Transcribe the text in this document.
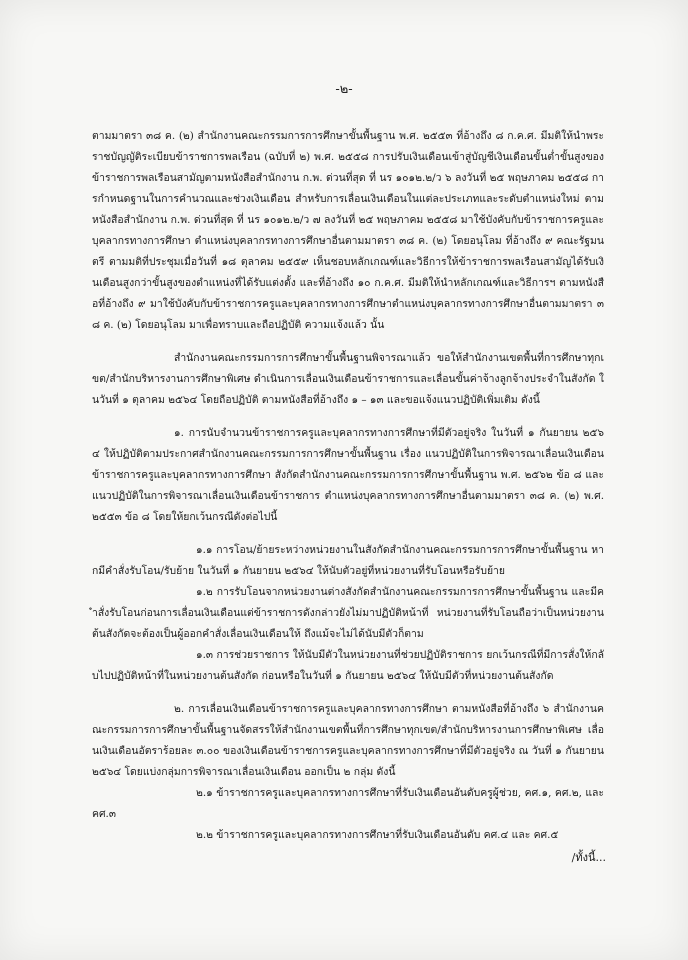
-๒-

ตามมาตรา ๓๘ ค. (๒) สำนักงานคณะกรรมการการศึกษาขั้นพื้นฐาน พ.ศ. ๒๕๕๓ ที่อ้างถึง ๘ ก.ค.ศ. มีมติให้นำพระราชบัญญัติระเบียบข้าราชการพลเรือน (ฉบับที่ ๒) พ.ศ. ๒๕๕๘ การปรับเงินเดือนเข้าสู่บัญชีเงินเดือนขั้นต่ำขั้นสูงของข้าราชการพลเรือนสามัญตามหนังสือสำนักงาน ก.พ. ด่วนที่สุด ที่ นร ๑๐๑๒.๒/ว ๖ ลงวันที่ ๒๕ พฤษภาคม ๒๕๕๘ การกำหนดฐานในการคำนวณและช่วงเงินเดือน สำหรับการเลื่อนเงินเดือนในแต่ละประเภทและระดับตำแหน่งใหม่ ตามหนังสือสำนักงาน ก.พ. ด่วนที่สุด ที่ นร ๑๐๑๒.๒/ว ๗ ลงวันที่ ๒๕ พฤษภาคม ๒๕๕๘ มาใช้บังคับกับข้าราชการครูและบุคลากรทางการศึกษา ตำแหน่งบุคลากรทางการศึกษาอื่นตามมาตรา ๓๘ ค. (๒) โดยอนุโลม ที่อ้างถึง ๙ คณะรัฐมนตรี ตามมติที่ประชุมเมื่อวันที่ ๑๘ ตุลาคม ๒๕๕๙ เห็นชอบหลักเกณฑ์และวิธีการให้ข้าราชการพลเรือนสามัญได้รับเงินเดือนสูงกว่าขั้นสูงของตำแหน่งที่ได้รับแต่งตั้ง และที่อ้างถึง ๑๐ ก.ค.ศ. มีมติให้นำหลักเกณฑ์และวิธีการฯ ตามหนังสือที่อ้างถึง ๙ มาใช้บังคับกับข้าราชการครูและบุคลากรทางการศึกษาตำแหน่งบุคลากรทางการศึกษาอื่นตามมาตรา ๓๘ ค. (๒) โดยอนุโลม มาเพื่อทราบและถือปฏิบัติ ความแจ้งแล้ว นั้น

สำนักงานคณะกรรมการการศึกษาขั้นพื้นฐานพิจารณาแล้ว ขอให้สำนักงานเขตพื้นที่การศึกษาทุกเขต/สำนักบริหารงานการศึกษาพิเศษ ดำเนินการเลื่อนเงินเดือนข้าราชการและเลื่อนขั้นค่าจ้างลูกจ้างประจำในสังกัด ในวันที่ ๑ ตุลาคม ๒๕๖๔ โดยถือปฏิบัติ ตามหนังสือที่อ้างถึง ๑ – ๑๓ และขอแจ้งแนวปฏิบัติเพิ่มเติม ดังนี้

๑. การนับจำนวนข้าราชการครูและบุคลากรทางการศึกษาที่มีตัวอยู่จริง ในวันที่ ๑ กันยายน ๒๕๖๔ ให้ปฏิบัติตามประกาศสำนักงานคณะกรรมการการศึกษาขั้นพื้นฐาน เรื่อง แนวปฏิบัติในการพิจารณาเลื่อนเงินเดือนข้าราชการครูและบุคลากรทางการศึกษา สังกัดสำนักงานคณะกรรมการการศึกษาขั้นพื้นฐาน พ.ศ. ๒๕๖๒ ข้อ ๘ และแนวปฏิบัติในการพิจารณาเลื่อนเงินเดือนข้าราชการ ตำแหน่งบุคลากรทางการศึกษาอื่นตามมาตรา ๓๘ ค. (๒) พ.ศ. ๒๕๕๓ ข้อ ๘ โดยให้ยกเว้นกรณีดังต่อไปนี้

๑.๑ การโอน/ย้ายระหว่างหน่วยงานในสังกัดสำนักงานคณะกรรมการการศึกษาขั้นพื้นฐาน หากมีคำสั่งรับโอน/รับย้าย ในวันที่ ๑ กันยายน ๒๕๖๔ ให้นับตัวอยู่ที่หน่วยงานที่รับโอนหรือรับย้าย

๑.๒ การรับโอนจากหน่วยงานต่างสังกัดสำนักงานคณะกรรมการการศึกษาขั้นพื้นฐาน และมีคำสั่งรับโอนก่อนการเลื่อนเงินเดือนแต่ข้าราชการดังกล่าวยังไม่มาปฏิบัติหน้าที่ หน่วยงานที่รับโอนถือว่าเป็นหน่วยงานต้นสังกัดจะต้องเป็นผู้ออกคำสั่งเลื่อนเงินเดือนให้ ถึงแม้จะไม่ได้นับมีตัวก็ตาม

๑.๓ การช่วยราชการ ให้นับมีตัวในหน่วยงานที่ช่วยปฏิบัติราชการ ยกเว้นกรณีที่มีการสั่งให้กลับไปปฏิบัติหน้าที่ในหน่วยงานต้นสังกัด ก่อนหรือในวันที่ ๑ กันยายน ๒๕๖๔ ให้นับมีตัวที่หน่วยงานต้นสังกัด

๒. การเลื่อนเงินเดือนข้าราชการครูและบุคลากรทางการศึกษา ตามหนังสือที่อ้างถึง ๖ สำนักงานคณะกรรมการการศึกษาขั้นพื้นฐานจัดสรรให้สำนักงานเขตพื้นที่การศึกษาทุกเขต/สำนักบริหารงานการศึกษาพิเศษ เลื่อนเงินเดือนอัตราร้อยละ ๓.๐๐ ของเงินเดือนข้าราชการครูและบุคลากรทางการศึกษาที่มีตัวอยู่จริง ณ วันที่ ๑ กันยายน ๒๕๖๔ โดยแบ่งกลุ่มการพิจารณาเลื่อนเงินเดือน ออกเป็น ๒ กลุ่ม ดังนี้

๒.๑ ข้าราชการครูและบุคลากรทางการศึกษาที่รับเงินเดือนอันดับครูผู้ช่วย, คศ.๑, คศ.๒, และ คศ.๓

๒.๒ ข้าราชการครูและบุคลากรทางการศึกษาที่รับเงินเดือนอันดับ คศ.๔ และ คศ.๕

/ทั้งนี้...
